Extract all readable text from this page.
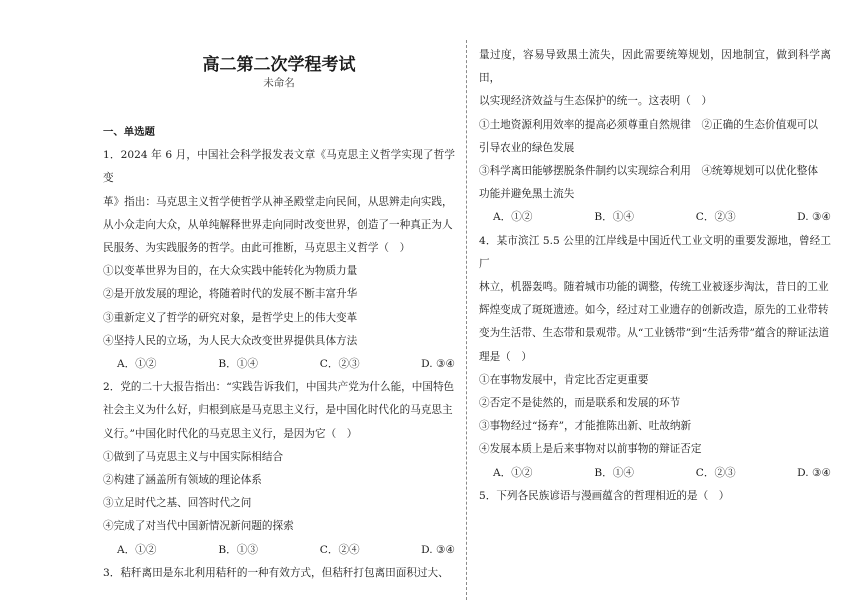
高二第二次学程考试
未命名
一、单选题
1．2024 年 6 月，中国社会科学报发表文章《马克思主义哲学实现了哲学变
革》指出：马克思主义哲学使哲学从神圣殿堂走向民间，从思辨走向实践，
从小众走向大众，从单纯解释世界走向同时改变世界，创造了一种真正为人
民服务、为实践服务的哲学。由此可推断，马克思主义哲学（　）
①以变革世界为目的，在大众实践中能转化为物质力量
②是开放发展的理论，将随着时代的发展不断丰富升华
③重新定义了哲学的研究对象，是哲学史上的伟大变革
④坚持人民的立场，为人民大众改变世界提供具体方法
A．①②	B．①④	C．②③	D. ③④
2．党的二十大报告指出：“实践告诉我们，中国共产党为什么能，中国特色
社会主义为什么好，归根到底是马克思主义行，是中国化时代化的马克思主
义行。”中国化时代化的马克思主义行，是因为它（　）
①做到了马克思主义与中国实际相结合
②构建了涵盖所有领域的理论体系
③立足时代之基、回答时代之问
④完成了对当代中国新情况新问题的探索
A．①②	B．①③	C．②④	D. ③④
3．秸秆离田是东北利用秸秆的一种有效方式，但秸秆打包离田面积过大、
量过度，容易导致黑土流失，因此需要统筹规划，因地制宜，做到科学离田，
以实现经济效益与生态保护的统一。这表明（　）
①土地资源利用效率的提高必须尊重自然规律　②正确的生态价值观可以
引导农业的绿色发展
③科学离田能够摆脱条件制约以实现综合利用　④统筹规划可以优化整体
功能并避免黑土流失
A．①②	B．①④	C．②③	D. ③④
4．某市滨江 5.5 公里的江岸线是中国近代工业文明的重要发源地，曾经工厂
林立，机器轰鸣。随着城市功能的调整，传统工业被逐步淘汰，昔日的工业
辉煌变成了斑斑遗迹。如今，经过对工业遗存的创新改造，原先的工业带转
变为生活带、生态带和景观带。从“工业锈带”到“生活秀带”蕴含的辩证法道
理是（　）
①在事物发展中，肯定比否定更重要
②否定不是徒然的，而是联系和发展的环节
③事物经过“扬弃”，才能推陈出新、吐故纳新
④发展本质上是后来事物对以前事物的辩证否定
A．①②	B．①④	C．②③	D. ③④
5．下列各民族谚语与漫画蕴含的哲理相近的是（　）
